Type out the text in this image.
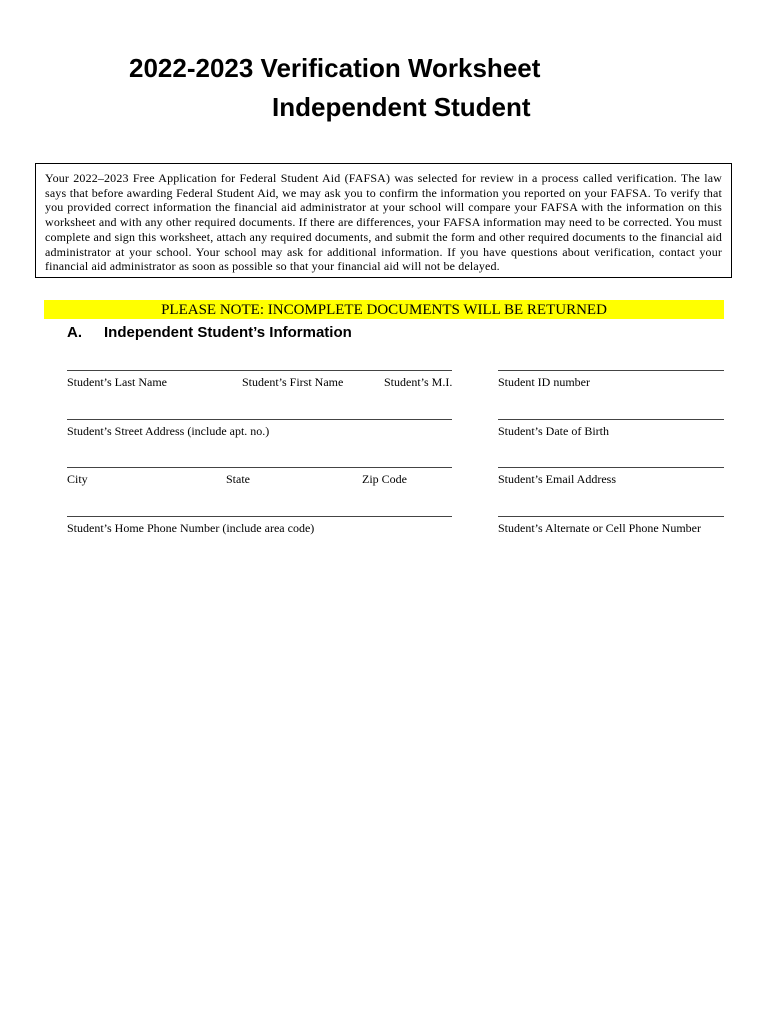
2022-2023 Verification Worksheet
Independent Student
Your 2022–2023 Free Application for Federal Student Aid (FAFSA) was selected for review in a process called verification. The law says that before awarding Federal Student Aid, we may ask you to confirm the information you reported on your FAFSA. To verify that you provided correct information the financial aid administrator at your school will compare your FAFSA with the information on this worksheet and with any other required documents. If there are differences, your FAFSA information may need to be corrected. You must complete and sign this worksheet, attach any required documents, and submit the form and other required documents to the financial aid administrator at your school. Your school may ask for additional information. If you have questions about verification, contact your financial aid administrator as soon as possible so that your financial aid will not be delayed.
PLEASE NOTE: INCOMPLETE DOCUMENTS WILL BE RETURNED
A. Independent Student’s Information
Student’s Last Name	Student’s First Name	Student’s M.I.	Student ID number
Student’s Street Address (include apt. no.)	Student’s Date of Birth
City	State	Zip Code	Student’s Email Address
Student’s Home Phone Number (include area code)	Student’s Alternate or Cell Phone Number
